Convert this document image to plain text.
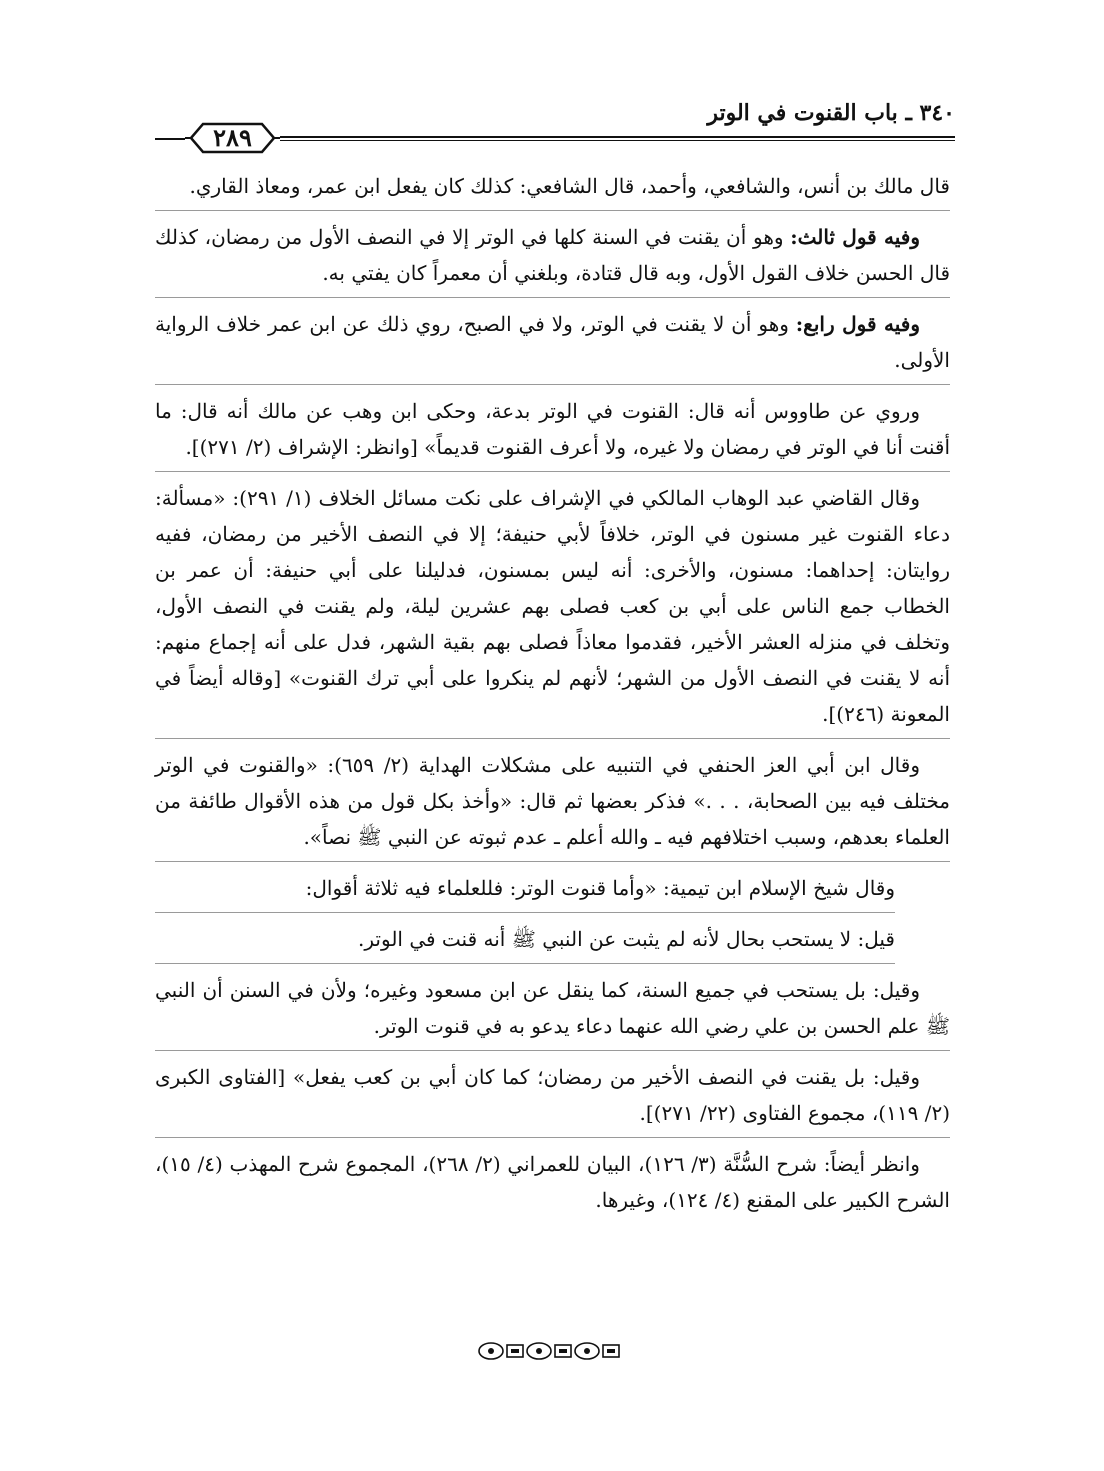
٣٤٠ ـ باب القنوت في الوتر
٢٨٩

قال مالك بن أنس، والشافعي، وأحمد، قال الشافعي: كذلك كان يفعل ابن عمر، ومعاذ القاري.

وفيه قول ثالث: وهو أن يقنت في السنة كلها في الوتر إلا في النصف الأول من رمضان، كذلك قال الحسن خلاف القول الأول، وبه قال قتادة، وبلغني أن معمراً كان يفتي به.

وفيه قول رابع: وهو أن لا يقنت في الوتر، ولا في الصبح، روي ذلك عن ابن عمر خلاف الرواية الأولى.

وروي عن طاووس أنه قال: القنوت في الوتر بدعة، وحكى ابن وهب عن مالك أنه قال: ما أقنت أنا في الوتر في رمضان ولا غيره، ولا أعرف القنوت قديماً» [وانظر: الإشراف (٢/ ٢٧١)].

وقال القاضي عبد الوهاب المالكي في الإشراف على نكت مسائل الخلاف (١/ ٢٩١): «مسألة: دعاء القنوت غير مسنون في الوتر، خلافاً لأبي حنيفة؛ إلا في النصف الأخير من رمضان، ففيه روايتان: إحداهما: مسنون، والأخرى: أنه ليس بمسنون، فدليلنا على أبي حنيفة: أن عمر بن الخطاب جمع الناس على أبي بن كعب فصلى بهم عشرين ليلة، ولم يقنت في النصف الأول، وتخلف في منزله العشر الأخير، فقدموا معاذاً فصلى بهم بقية الشهر، فدل على أنه إجماع منهم: أنه لا يقنت في النصف الأول من الشهر؛ لأنهم لم ينكروا على أبي ترك القنوت» [وقاله أيضاً في المعونة (٢٤٦)].

وقال ابن أبي العز الحنفي في التنبيه على مشكلات الهداية (٢/ ٦٥٩): «والقنوت في الوتر مختلف فيه بين الصحابة، . . .» فذكر بعضها ثم قال: «وأخذ بكل قول من هذه الأقوال طائفة من العلماء بعدهم، وسبب اختلافهم فيه ـ والله أعلم ـ عدم ثبوته عن النبي ﷺ نصاً».

وقال شيخ الإسلام ابن تيمية: «وأما قنوت الوتر: فللعلماء فيه ثلاثة أقوال:

قيل: لا يستحب بحال لأنه لم يثبت عن النبي ﷺ أنه قنت في الوتر.

وقيل: بل يستحب في جميع السنة، كما ينقل عن ابن مسعود وغيره؛ ولأن في السنن أن النبي ﷺ علم الحسن بن علي رضي الله عنهما دعاء يدعو به في قنوت الوتر.

وقيل: بل يقنت في النصف الأخير من رمضان؛ كما كان أبي بن كعب يفعل» [الفتاوى الكبرى (٢/ ١١٩)، مجموع الفتاوى (٢٢/ ٢٧١)].

وانظر أيضاً: شرح السُّنَّة (٣/ ١٢٦)، البيان للعمراني (٢/ ٢٦٨)، المجموع شرح المهذب (٤/ ١٥)، الشرح الكبير على المقنع (٤/ ١٢٤)، وغيرها.
